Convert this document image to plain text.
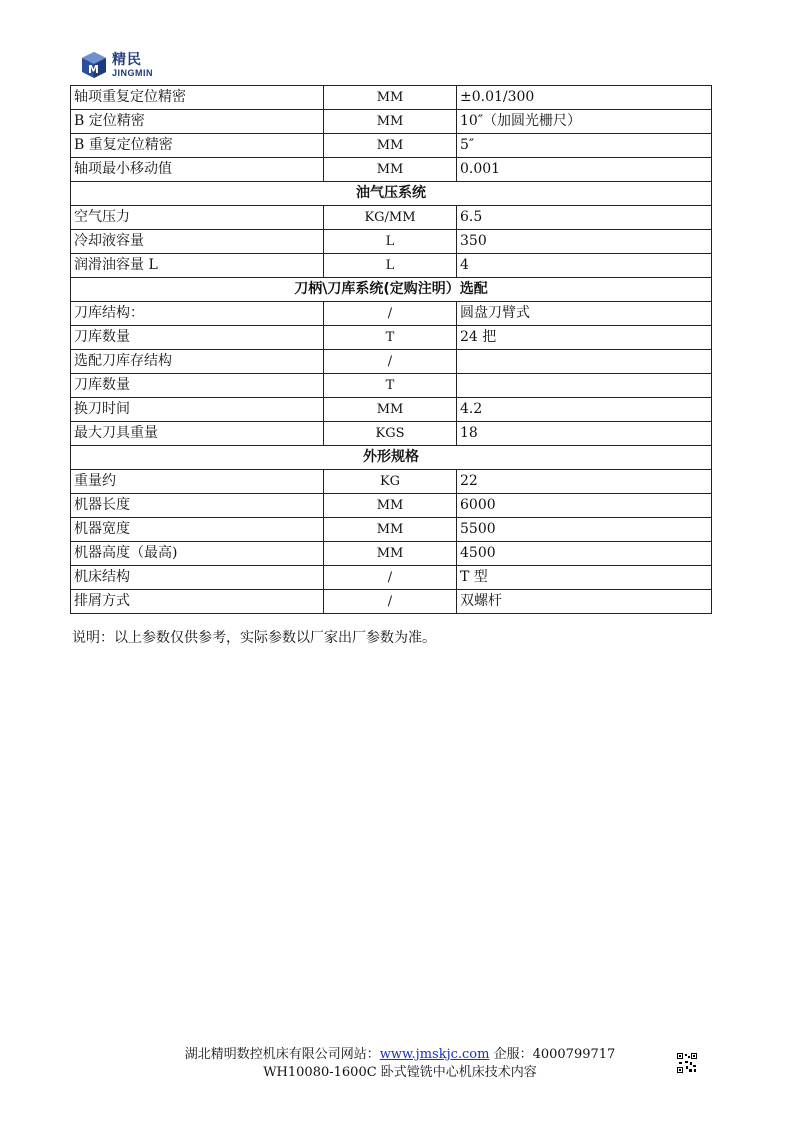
M
精民
JINGMIN
轴项重复定位精密	MM	±0.01/300
B 定位精密	MM	10″（加圆光栅尺）
B 重复定位精密	MM	5″
轴项最小移动值	MM	0.001
油气压系统		
空气压力	KG/MM	6.5
冷却液容量	L	350
润滑油容量 L	L	4
刀柄\刀库系统(定购注明）选配		
刀库结构：	/	圆盘刀臂式
刀库数量	T	24 把
选配刀库存结构	/	
刀库数量	T	
换刀时间	MM	4.2
最大刀具重量	KGS	18
外形规格		
重量约	KG	22
机器长度	MM	6000
机器宽度	MM	5500
机器高度（最高)	MM	4500
机床结构	/	T 型
排屑方式	/	双螺杆
说明：以上参数仅供参考，实际参数以厂家出厂参数为准。
湖北精明数控机床有限公司网站：www.jmskjc.com 企服：4000799717
WH10080-1600C 卧式镗铣中心机床技术内容
